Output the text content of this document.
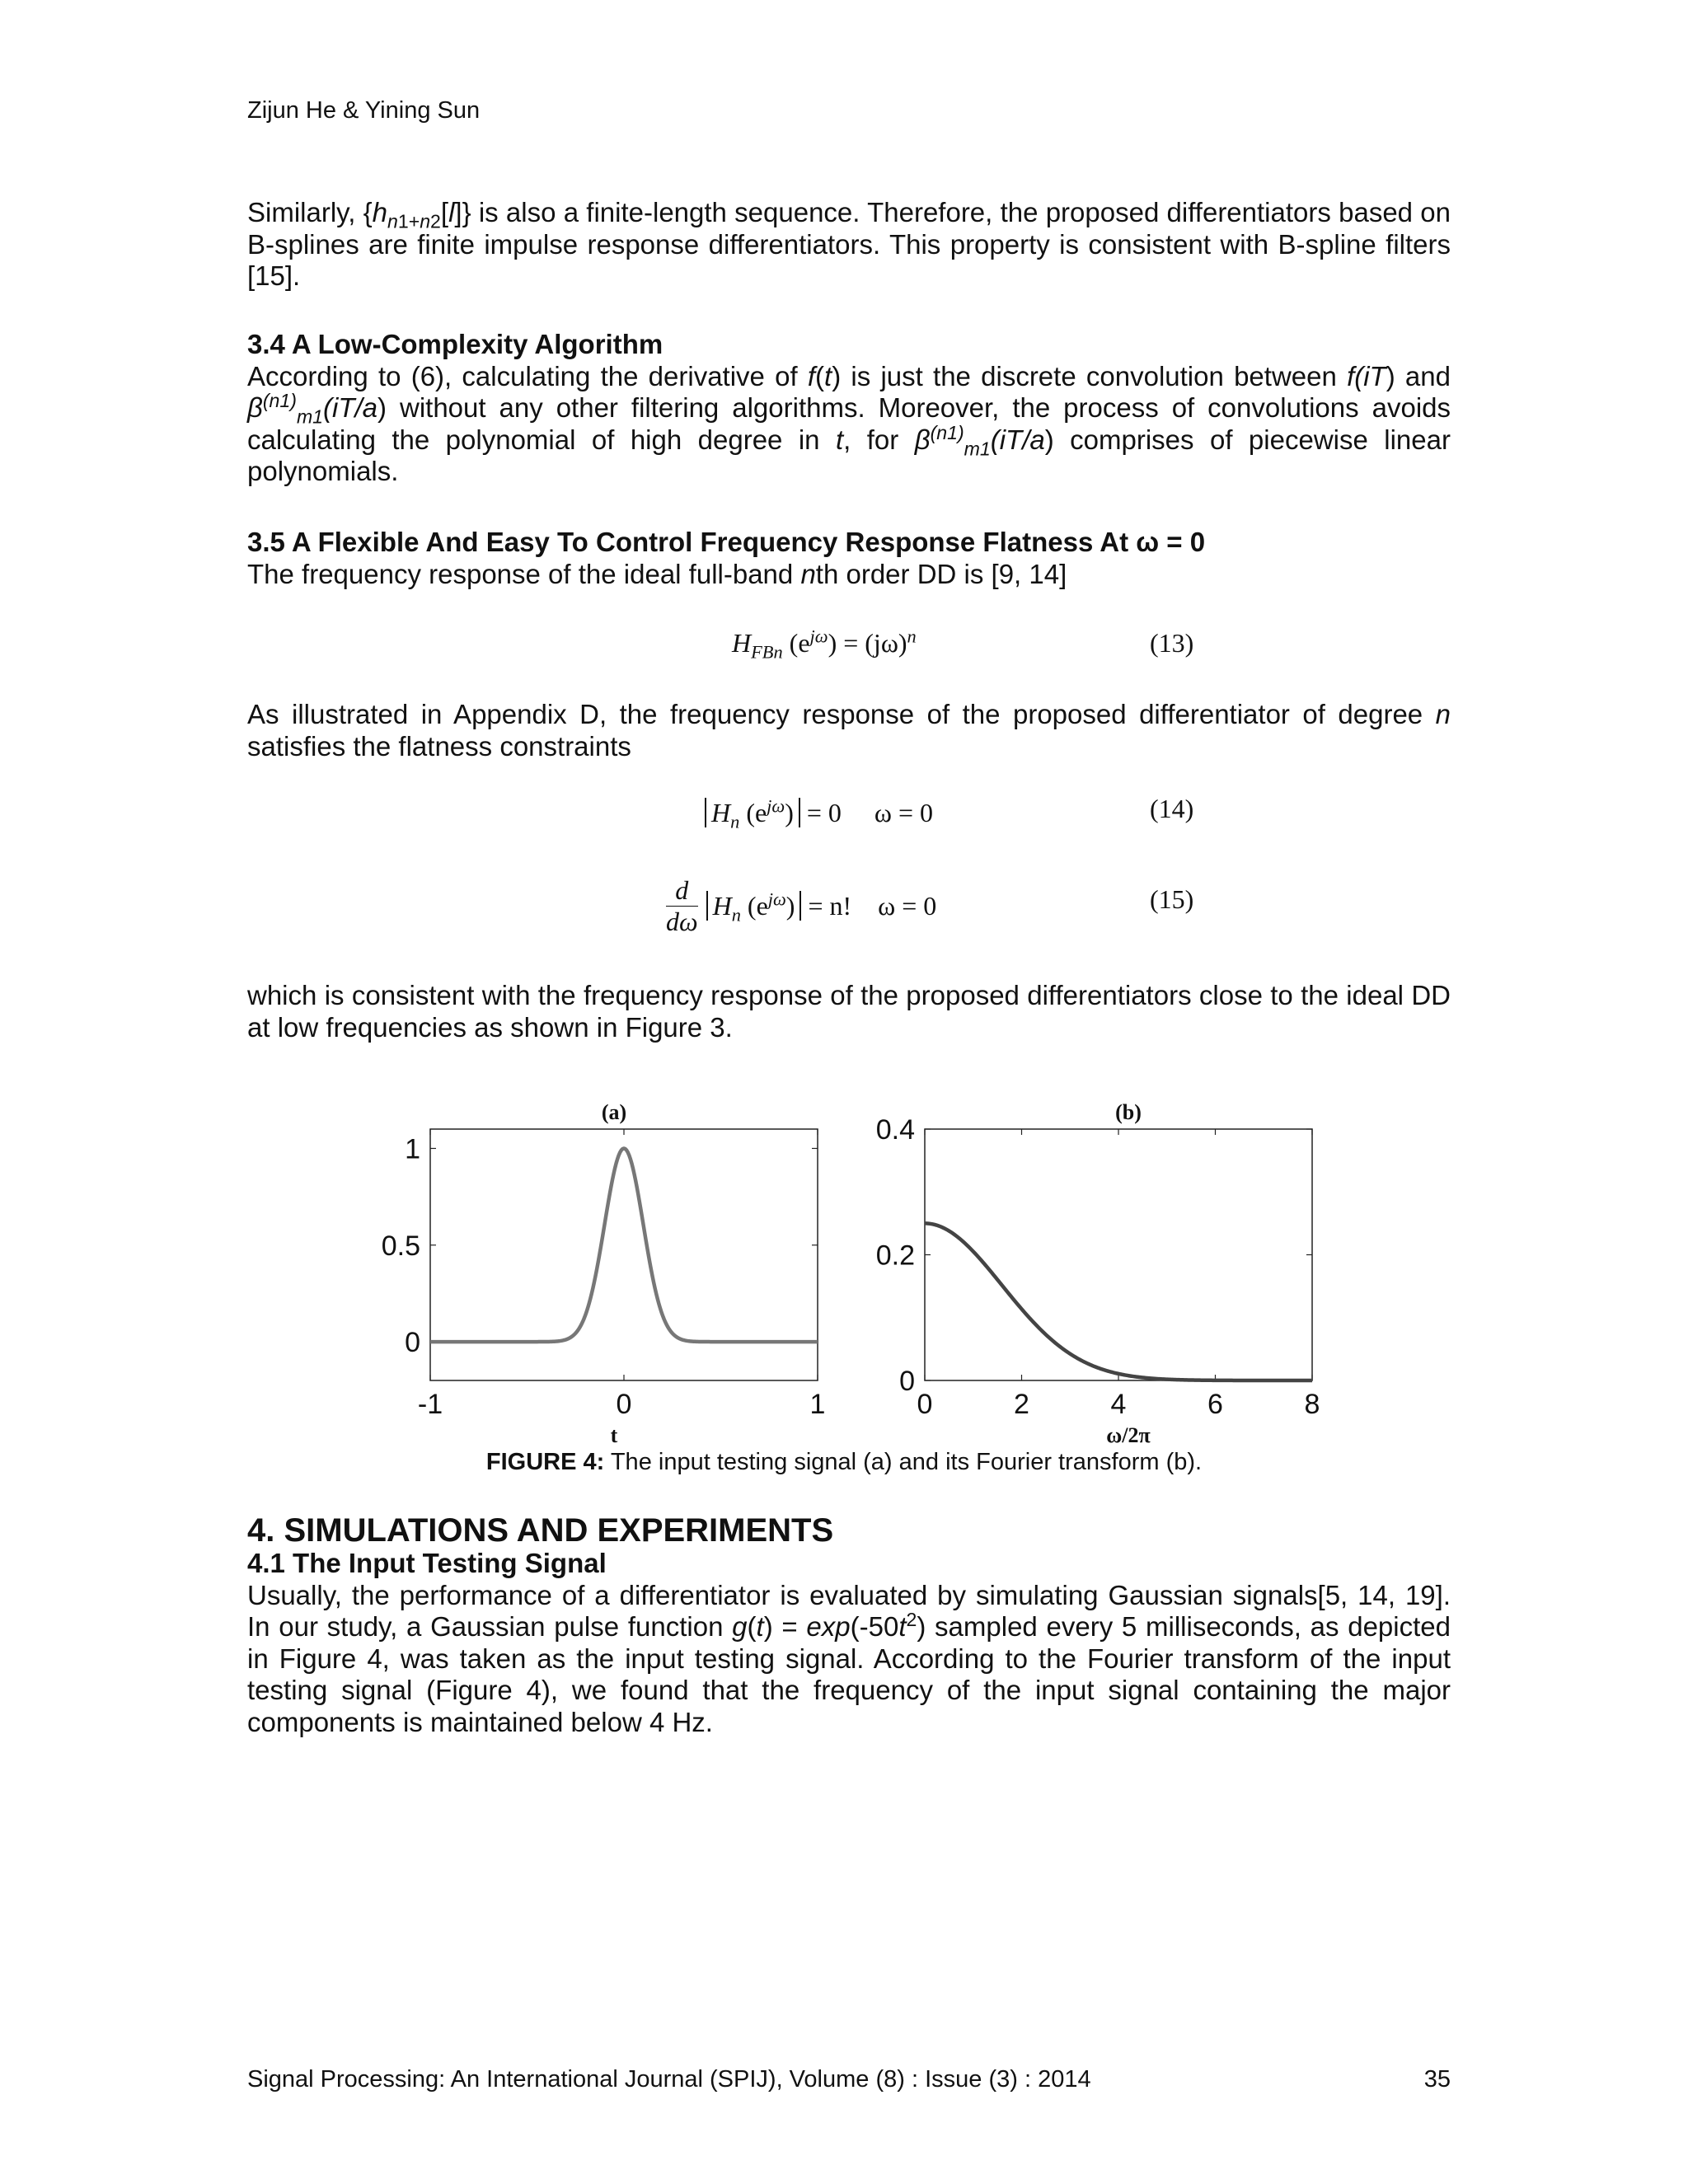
Zijun He & Yining Sun

Similarly, $\{h_{n1+n2}[l]\}$ is also a finite-length sequence. Therefore, the proposed differentiators based on B-splines are finite impulse response differentiators. This property is consistent with B-spline filters [15].

3.4 A Low-Complexity Algorithm

According to (6), calculating the derivative of f(t) is just the discrete convolution between f(iT) and $\beta^{(n1)}_{m1}(iT/a)$ without any other filtering algorithms. Moreover, the process of convolutions avoids calculating the polynomial of high degree in t, for $\beta^{(n1)}_{m1}(iT/a)$ comprises of piecewise linear polynomials.

3.5 A Flexible And Easy To Control Frequency Response Flatness At ω = 0

The frequency response of the ideal full-band nth order DD is [9, 14]

$H_{FBn}$ $(e^{j\omega}) = (j\omega)^n$	(13)

As illustrated in Appendix D, the frequency response of the proposed differentiator of degree n satisfies the flatness constraints

$H_n$ $(e^{j\omega}) = 0$     ω = 0	(14)
$\frac{d}{d\omega} H_n$ $(e^{j\omega}) = n$!    ω = 0	(15)

which is consistent with the frequency response of the proposed differentiators close to the ideal DD at low frequencies as shown in Figure 3.

-1	0	1
0
0.5
1
(a)
t
0	2	4	6	8
0
0.2
0.4
(b)
ω/2π
FIGURE 4: The input testing signal (a) and its Fourier transform (b).
4. SIMULATIONS AND EXPERIMENTS

4.1 The Input Testing Signal

Usually, the performance of a differentiator is evaluated by simulating Gaussian signals[5, 14, 19]. In our study, a Gaussian pulse function $g(t) = \exp(-50t^2)$ sampled every 5 milliseconds, as depicted in Figure 4, was taken as the input testing signal. According to the Fourier transform of the input testing signal (Figure 4), we found that the frequency of the input signal containing the major components is maintained below 4 Hz.

Signal Processing: An International Journal (SPIJ), Volume (8) : Issue (3) : 2014	35
